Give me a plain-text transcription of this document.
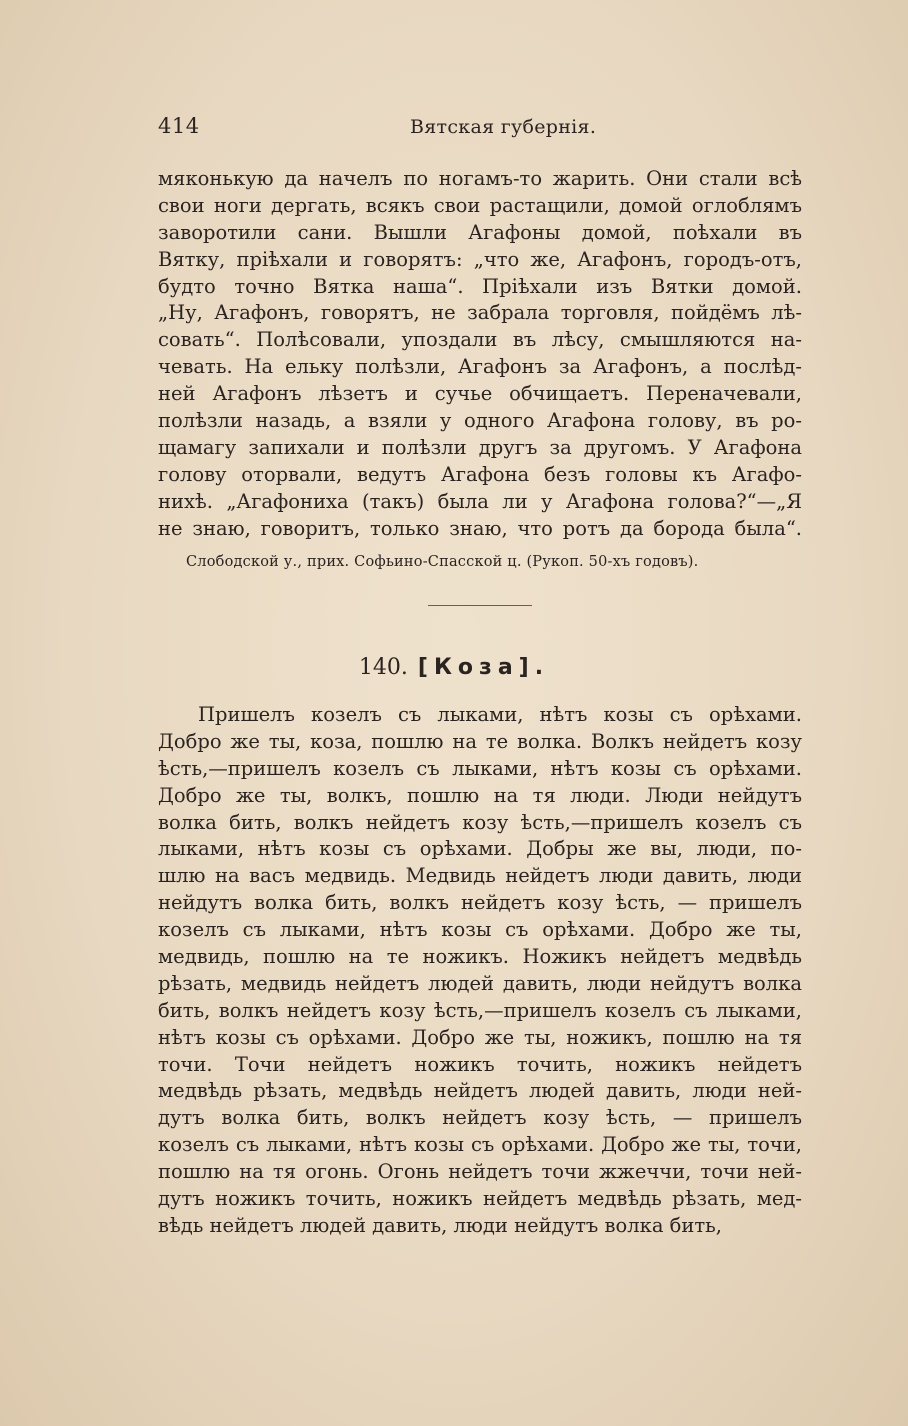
414	Вятская губернія.
мяконькую да начелъ по ногамъ-то жарить. Они стали всѣ
свои ноги дергать, всякъ свои растащили, домой оглоблямъ
заворотили сани. Вышли Агафоны домой, поѣхали въ
Вятку, пріѣхали и говорятъ: „что же, Агафонъ, городъ-отъ,
будто точно Вятка наша“. Пріѣхали изъ Вятки домой.
„Ну, Агафонъ, говорятъ, не забрала торговля, пойдёмъ лѣ-
совать“. Полѣсовали, упоздали въ лѣсу, смышляются на-
чевать. На ельку полѣзли, Агафонъ за Агафонъ, а послѣд-
ней Агафонъ лѣзетъ и сучье обчищаетъ. Переначевали,
полѣзли назадь, а взяли у одного Агафона голову, въ ро-
щамагу запихали и полѣзли другъ за другомъ. У Агафона
голову оторвали, ведутъ Агафона безъ головы къ Агафо-
нихѣ. „Агафониха (такъ) была ли у Агафона голова?“—„Я
не знаю, говоритъ, только знаю, что ротъ да борода была“.
Слободской у., прих. Софьино-Спасской ц. (Рукоп. 50-хъ годовъ).
140. [Коза].
Пришелъ козелъ съ лыками, нѣтъ козы съ орѣхами.
Добро же ты, коза, пошлю на те волка. Волкъ нейдетъ козу
ѣсть,—пришелъ козелъ съ лыками, нѣтъ козы съ орѣхами.
Добро же ты, волкъ, пошлю на тя люди. Люди нейдутъ
волка бить, волкъ нейдетъ козу ѣсть,—пришелъ козелъ съ
лыками, нѣтъ козы съ орѣхами. Добры же вы, люди, по-
шлю на васъ медвидь. Медвидь нейдетъ люди давить, люди
нейдутъ волка бить, волкъ нейдетъ козу ѣсть, — пришелъ
козелъ съ лыками, нѣтъ козы съ орѣхами. Добро же ты,
медвидь, пошлю на те ножикъ. Ножикъ нейдетъ медвѣдь
рѣзать, медвидь нейдетъ людей давить, люди нейдутъ волка
бить, волкъ нейдетъ козу ѣсть,—пришелъ козелъ съ лыками,
нѣтъ козы съ орѣхами. Добро же ты, ножикъ, пошлю на тя
точи. Точи нейдетъ ножикъ точить, ножикъ нейдетъ
медвѣдь рѣзать, медвѣдь нейдетъ людей давить, люди ней-
дутъ волка бить, волкъ нейдетъ козу ѣсть, — пришелъ
козелъ съ лыками, нѣтъ козы съ орѣхами. Добро же ты, точи,
пошлю на тя огонь. Огонь нейдетъ точи жжеччи, точи ней-
дутъ ножикъ точить, ножикъ нейдетъ медвѣдь рѣзать, мед-
вѣдь нейдетъ людей давить, люди нейдутъ волка бить,
